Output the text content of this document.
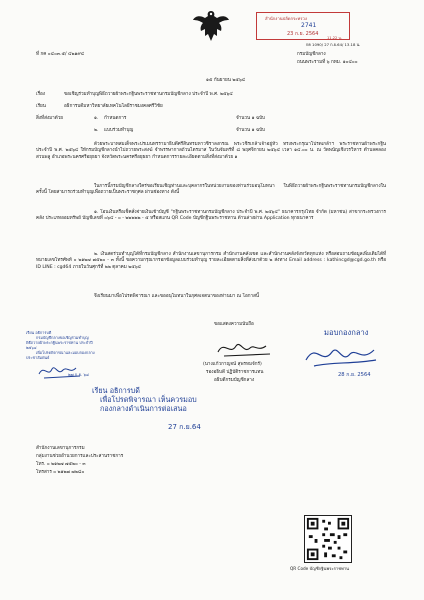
สำนักงานปลัดกระทรวง
2741
23 ก.ย. 2564
11.22 น.
กค 1090/ 27 ก.ย.64/ 13.18 น.
ที่ กค ๐๔๐๓.๕/ ๔๒๑๙๔	กรมบัญชีกลาง
ถนนพระรามที่ ๖ กทม. ๑๐๔๐๐
๑๕ กันยายน ๒๕๖๔
เรื่อง	ขอเชิญร่วมทำบุญพิธีถวายผ้าพระกฐินพระราชทานกรมบัญชีกลาง ประจำปี พ.ศ. ๒๕๖๔
เรียน	อธิการบดีมหาวิทยาลัยเทคโนโลยีราชมงคลศรีวิชัย
สิ่งที่ส่งมาด้วย	๑. กำหนดการ	จำนวน ๑ ฉบับ
๒. แบบร่วมทำบุญ	จำนวน ๑ ฉบับ

ด้วยพระบาทสมเด็จพระปรเมนทรรามาธิบดีศรีสินทรมหาวชิราลงกรณ พระวชิรเกล้าเจ้าอยู่หัว ทรงพระกรุณาโปรดเกล้าฯ พระราชทานผ้าพระกฐิน ประจำปี พ.ศ. ๒๕๖๔ ให้กรมบัญชีกลางนำไปถวายพระสงฆ์ จำพรรษากาลถ้วนไตรมาส ในวันจันทร์ที่ ๘ พฤศจิกายน ๒๕๖๔ เวลา ๑๔.๐๐ น. ณ วัดพนัญเชิงวรวิหาร ตำบลคลองสวนพลู อำเภอพระนครศรีอยุธยา จังหวัดพระนครศรีอยุธยา กำหนดการรายละเอียดตามสิ่งที่ส่งมาด้วย ๑

ในการนี้กรมบัญชีกลางใคร่ขอเรียนเชิญท่านและบุคลากรในหน่วยงานของท่านร่วมอนุโมทนา ในพิธีถวายผ้าพระกฐินพระราชทานกรมบัญชีกลางในครั้งนี้ โดยสามารถร่วมทำบุญเพื่อถวายเป็นพระราชกุศล ผ่านช่องทาง ดังนี้

๑. โอนเงินหรือเช็คสั่งจ่ายเงินเข้าบัญชี "กฐินพระราชทานกรมบัญชีกลาง ประจำปี พ.ศ. ๒๕๖๔" ธนาคารกรุงไทย จำกัด (มหาชน) สาขากระทรวงการคลัง ประเภทออมทรัพย์ บัญชีเลขที่ ๐๖๔ - ๐ - ๒๒๒๒๒ - ๕ หรือสแกน QR Code บัญชีกฐินพระราชทาน ด้านล่างผ่าน Application ทุกธนาคาร

๒. เงินสดร่วมทำบุญได้ที่กรมบัญชีกลาง สำนักงานเลขานุการกรม สำนักงานคลังเขต และสำนักงานคลังจังหวัดทุกแห่ง หรือสอบถามข้อมูลเพิ่มเติมได้ที่หมายเลขโทรศัพท์ ๐ ๒๑๒๗ ๗๕๒๐ - ๓ ทั้งนี้ ขอความกรุณากรอกข้อมูลแบบร่วมทำบุญ รายละเอียดตามสิ่งที่ส่งมาด้วย ๒ ส่งทาง Email address : kathincgd@cgd.go.th หรือ ID LINE : cgd64 ภายในวันศุกร์ที่ ๒๒ ตุลาคม ๒๕๖๔

จึงเรียนมาเพื่อโปรดพิจารณา และขออนุโมทนาในกุศลเจตนาของท่านมา ณ โอกาสนี้

เรียน อธิการบดี
กรมบัญชีกลางขอเชิญร่วมทำบุญ
พิธีถวายผ้าพระกฐินพระราชทาน ประจำปี
๒๕๖๔
เพื่อโปรดพิจารณาและมอบกองกลาง
ประชาสัมพันธ์
๒๗ ก.ย. ๖๔
เรียน อธิการบดี
เพื่อโปรดพิจารณา เห็นควรมอบ
กองกลางดำเนินการต่อเสนอ
27 ก.ย.64
ขอแสดงความนับถือ
(นางแก้วกาญจน์ สุพรหมจักร์)
รองอธิบดี ปฏิบัติราชการแทน
อธิบดีกรมบัญชีกลาง
มอบกองกลาง
28 ก.ย. 2564
สำนักงานเลขานุการกรม
กลุ่มงานช่วยอำนวยการและประสานราชการ
โทร. ๐ ๒๑๒๗ ๗๕๒๐ - ๓
โทรสาร ๐ ๒๑๒๗ ๗๒๘๐
QR Code บัญชีกฐินพระราชทาน
